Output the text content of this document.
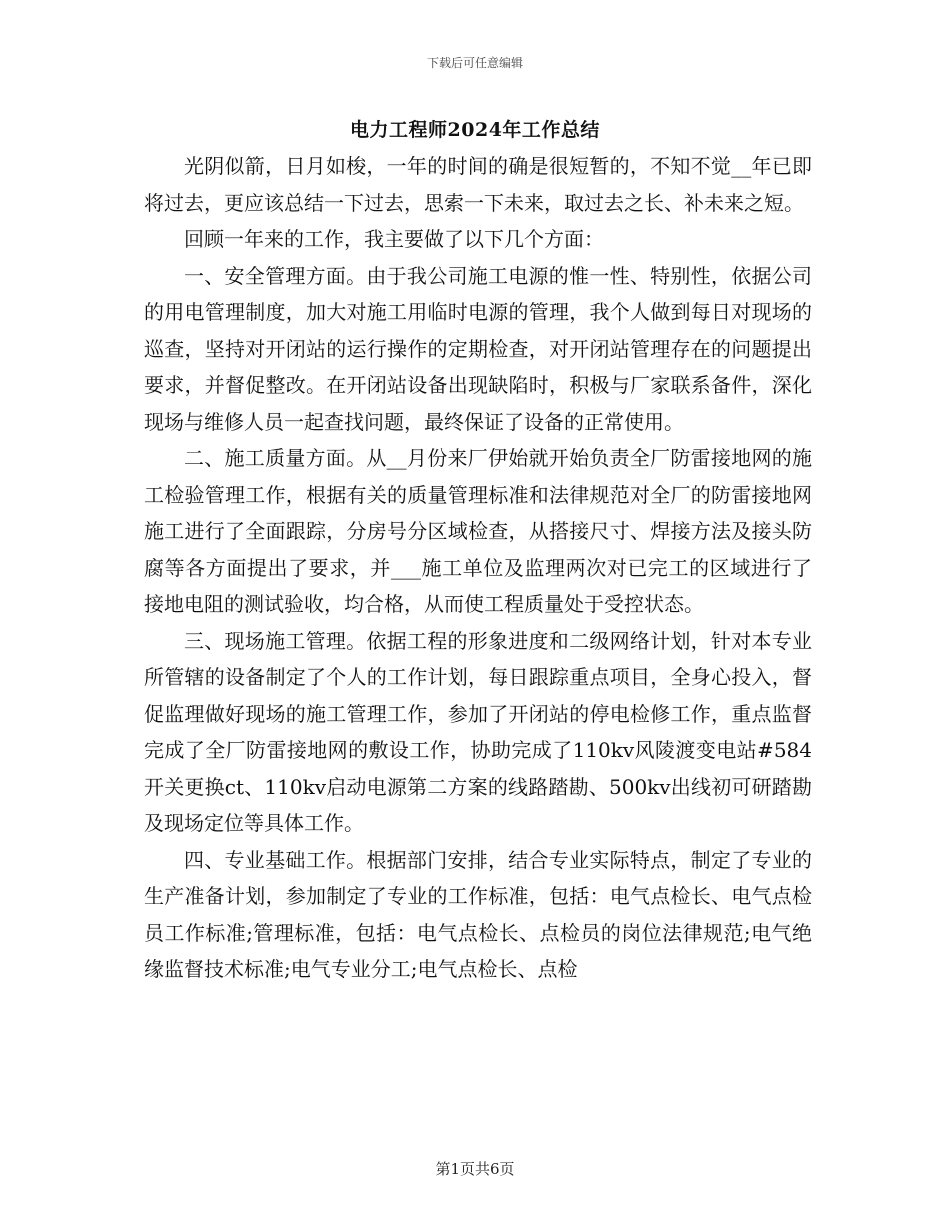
下载后可任意编辑
电力工程师2024年工作总结

光阴似箭，日月如梭，一年的时间的确是很短暂的，不知不觉__年已即将过去，更应该总结一下过去，思索一下未来，取过去之长、补未来之短。

回顾一年来的工作，我主要做了以下几个方面：

一、安全管理方面。由于我公司施工电源的惟一性、特别性，依据公司的用电管理制度，加大对施工用临时电源的管理，我个人做到每日对现场的巡查，坚持对开闭站的运行操作的定期检查，对开闭站管理存在的问题提出要求，并督促整改。在开闭站设备出现缺陷时，积极与厂家联系备件，深化现场与维修人员一起查找问题，最终保证了设备的正常使用。

二、施工质量方面。从__月份来厂伊始就开始负责全厂防雷接地网的施工检验管理工作，根据有关的质量管理标准和法律规范对全厂的防雷接地网施工进行了全面跟踪，分房号分区域检查，从搭接尺寸、焊接方法及接头防腐等各方面提出了要求，并___施工单位及监理两次对已完工的区域进行了接地电阻的测试验收，均合格，从而使工程质量处于受控状态。

三、现场施工管理。依据工程的形象进度和二级网络计划，针对本专业所管辖的设备制定了个人的工作计划，每日跟踪重点项目，全身心投入，督促监理做好现场的施工管理工作，参加了开闭站的停电检修工作，重点监督完成了全厂防雷接地网的敷设工作，协助完成了110kv风陵渡变电站#584开关更换ct、110kv启动电源第二方案的线路踏勘、500kv出线初可研踏勘及现场定位等具体工作。

四、专业基础工作。根据部门安排，结合专业实际特点，制定了专业的生产准备计划，参加制定了专业的工作标准，包括：电气点检长、电气点检员工作标准;管理标准，包括：电气点检长、点检员的岗位法律规范;电气绝缘监督技术标准;电气专业分工;电气点检长、点检

第1页共6页
